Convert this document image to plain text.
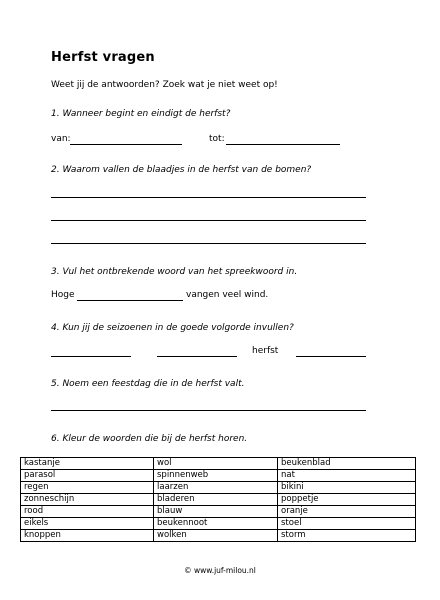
Herfst vragen
Weet jij de antwoorden? Zoek wat je niet weet op!
1. Wanneer begint en eindigt de herfst?
van:	tot:
2. Waarom vallen de blaadjes in de herfst van de bomen?
3. Vul het ontbrekende woord van het spreekwoord in.
Hoge	vangen veel wind.
4. Kun jij de seizoenen in de goede volgorde invullen?
herfst
5. Noem een feestdag die in de herfst valt.
6. Kleur de woorden die bij de herfst horen.
kastanje	wol	beukenblad
parasol	spinnenweb	nat
regen	laarzen	bikini
zonneschijn	bladeren	poppetje
rood	blauw	oranje
eikels	beukennoot	stoel
knoppen	wolken	storm
© www.juf-milou.nl
